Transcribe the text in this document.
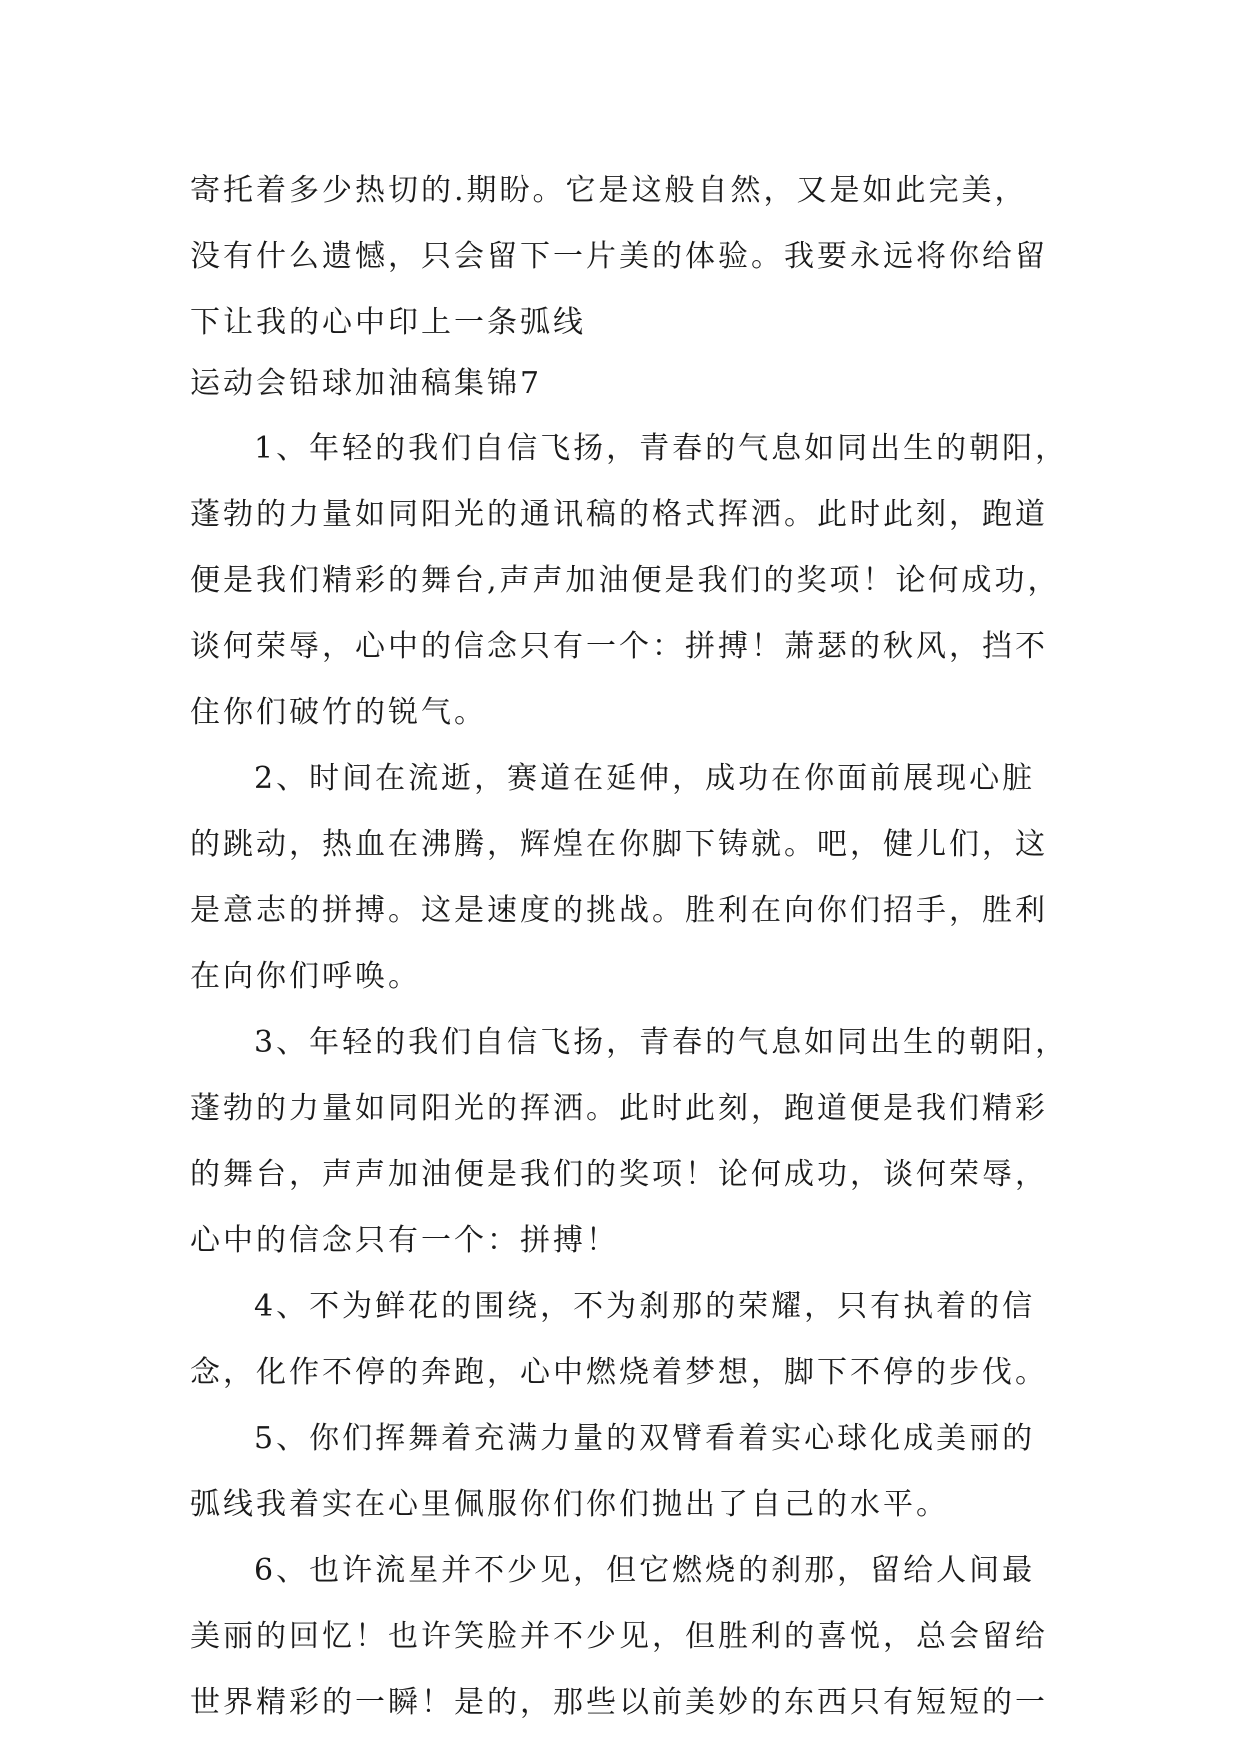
寄托着多少热切的.期盼。它是这般自然，又是如此完美，
没有什么遗憾，只会留下一片美的体验。我要永远将你给留
下让我的心中印上一条弧线
运动会铅球加油稿集锦7
1、年轻的我们自信飞扬，青春的气息如同出生的朝阳，
蓬勃的力量如同阳光的通讯稿的格式挥洒。此时此刻，跑道
便是我们精彩的舞台,声声加油便是我们的奖项！论何成功，
谈何荣辱，心中的信念只有一个：拼搏！萧瑟的秋风，挡不
住你们破竹的锐气。
2、时间在流逝，赛道在延伸，成功在你面前展现心脏
的跳动，热血在沸腾，辉煌在你脚下铸就。吧，健儿们，这
是意志的拼搏。这是速度的挑战。胜利在向你们招手，胜利
在向你们呼唤。
3、年轻的我们自信飞扬，青春的气息如同出生的朝阳，
蓬勃的力量如同阳光的挥洒。此时此刻，跑道便是我们精彩
的舞台，声声加油便是我们的奖项！论何成功，谈何荣辱，
心中的信念只有一个：拼搏！
4、不为鲜花的围绕，不为刹那的荣耀，只有执着的信
念，化作不停的奔跑，心中燃烧着梦想，脚下不停的步伐。
5、你们挥舞着充满力量的双臂看着实心球化成美丽的
弧线我着实在心里佩服你们你们抛出了自己的水平。
6、也许流星并不少见，但它燃烧的刹那，留给人间最
美丽的回忆！也许笑脸并不少见，但胜利的喜悦，总会留给
世界精彩的一瞬！是的，那些以前美妙的东西只有短短的一
